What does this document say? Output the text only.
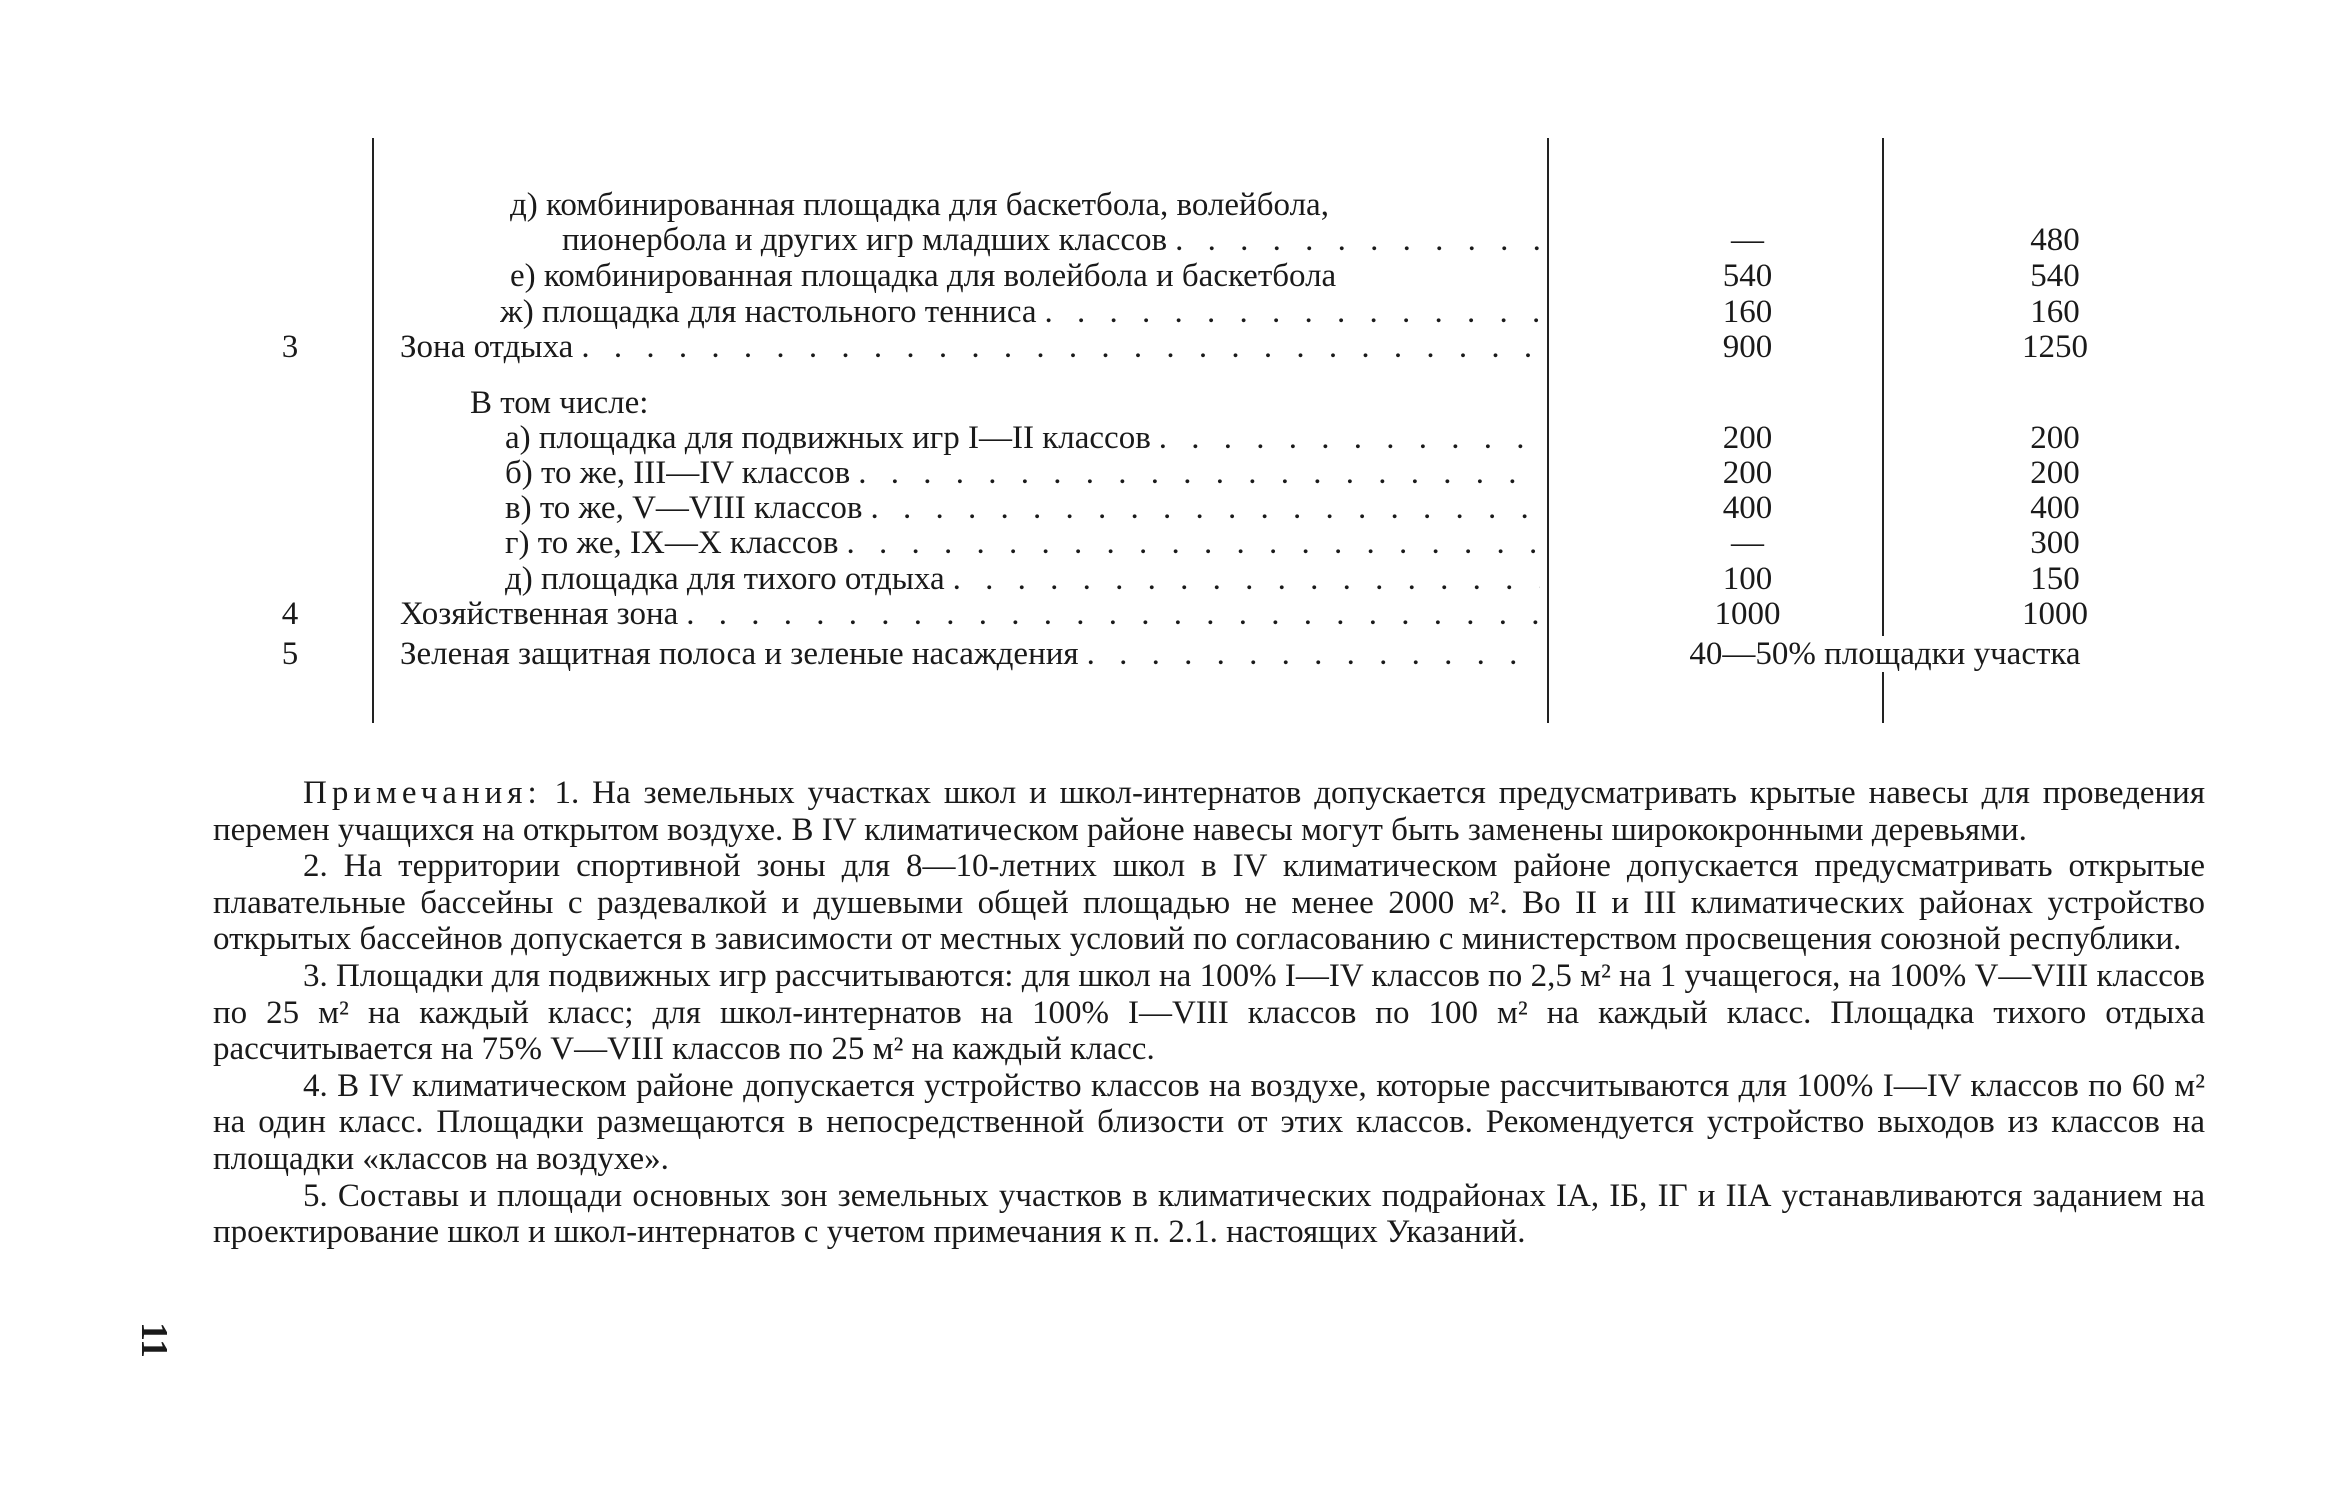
д) комбинированная площадка для баскетбола, волейбола,
пионербола и других игр младших классов . . .	—	480
е) комбинированная площадка для волейбола и баскетбола	540	540
ж) площадка для настольного тенниса . . .	160	160
3	Зона отдыха . . .	900	1250
В том числе:
а) площадка для подвижных игр I—II классов . . .	200	200
б) то же, III—IV классов . . .	200	200
в) то же, V—VIII классов . . .	400	400
г) то же, IX—X классов . . .	—	300
д) площадка для тихого отдыха . . .	100	150
4	Хозяйственная зона . . .	1000	1000
5	Зеленая защитная полоса и зеленые насаждения . . .	40—50% площадки участка

Примечания: 1. На земельных участках школ и школ-интернатов допускается предусматривать крытые навесы для проведения перемен учащихся на открытом воздухе. В IV климатическом районе навесы могут быть заменены ширококронными деревьями.

2. На территории спортивной зоны для 8—10-летних школ в IV климатическом районе допускается предусматривать открытые плавательные бассейны с раздевалкой и душевыми общей площадью не менее 2000 м². Во II и III климатических районах устройство открытых бассейнов допускается в зависимости от местных условий по согласованию с министерством просвещения союзной республики.

3. Площадки для подвижных игр рассчитываются: для школ на 100% I—IV классов по 2,5 м² на 1 учащегося, на 100% V—VIII классов по 25 м² на каждый класс; для школ-интернатов на 100% I—VIII классов по 100 м² на каждый класс. Площадка тихого отдыха рассчитывается на 75% V—VIII классов по 25 м² на каждый класс.

4. В IV климатическом районе допускается устройство классов на воздухе, которые рассчитываются для 100% I—IV классов по 60 м² на один класс. Площадки размещаются в непосредственной близости от этих классов. Рекомендуется устройство выходов из классов на площадки «классов на воздухе».

5. Составы и площади основных зон земельных участков в климатических подрайонах IА, IБ, IГ и IIА устанавливаются заданием на проектирование школ и школ-интернатов с учетом примечания к п. 2.1. настоящих Указаний.

11
